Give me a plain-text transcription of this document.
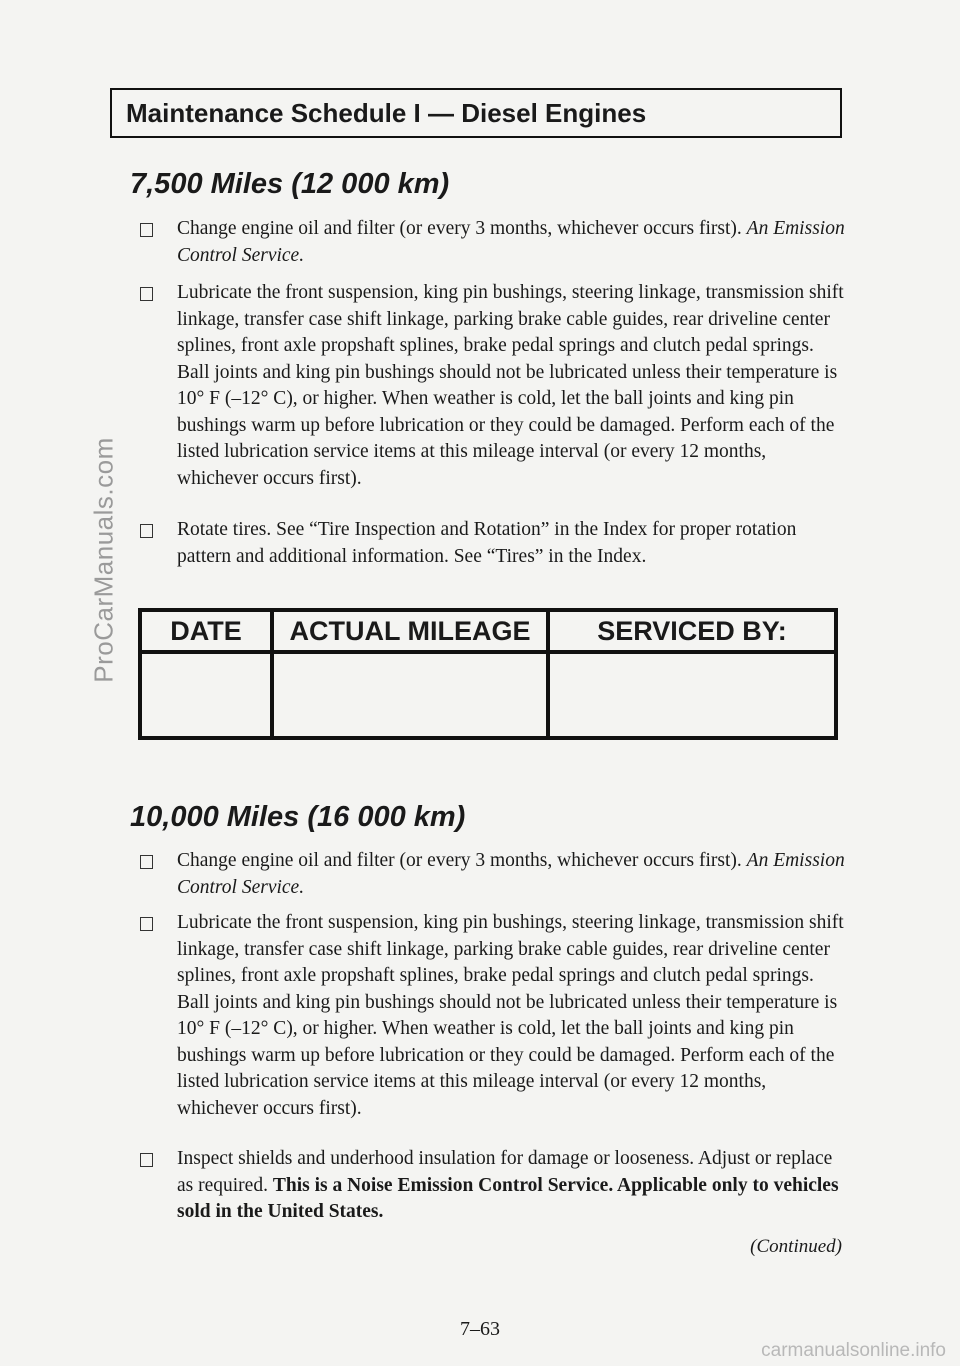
ProCarManuals.com
Maintenance Schedule I — Diesel Engines
7,500 Miles (12 000 km)
Change engine oil and filter (or every 3 months, whichever occurs first). An Emission Control Service.
Lubricate the front suspension, king pin bushings, steering linkage, transmission shift linkage, transfer case shift linkage, parking brake cable guides, rear driveline center splines, front axle propshaft splines, brake pedal springs and clutch pedal springs. Ball joints and king pin bushings should not be lubricated unless their temperature is 10° F (–12° C), or higher. When weather is cold, let the ball joints and king pin bushings warm up before lubrication or they could be damaged. Perform each of the listed lubrication service items at this mileage interval (or every 12 months, whichever occurs first).
Rotate tires. See “Tire Inspection and Rotation” in the Index for proper rotation pattern and additional information. See “Tires” in the Index.
DATE	ACTUAL MILEAGE	SERVICED BY:

10,000 Miles (16 000 km)
Change engine oil and filter (or every 3 months, whichever occurs first). An Emission Control Service.
Lubricate the front suspension, king pin bushings, steering linkage, transmission shift linkage, transfer case shift linkage, parking brake cable guides, rear driveline center splines, front axle propshaft splines, brake pedal springs and clutch pedal springs. Ball joints and king pin bushings should not be lubricated unless their temperature is 10° F (–12° C), or higher. When weather is cold, let the ball joints and king pin bushings warm up before lubrication or they could be damaged. Perform each of the listed lubrication service items at this mileage interval (or every 12 months, whichever occurs first).
Inspect shields and underhood insulation for damage or looseness. Adjust or replace as required. This is a Noise Emission Control Service. Applicable only to vehicles sold in the United States.
(Continued)
7–63
carmanualsonline.info
